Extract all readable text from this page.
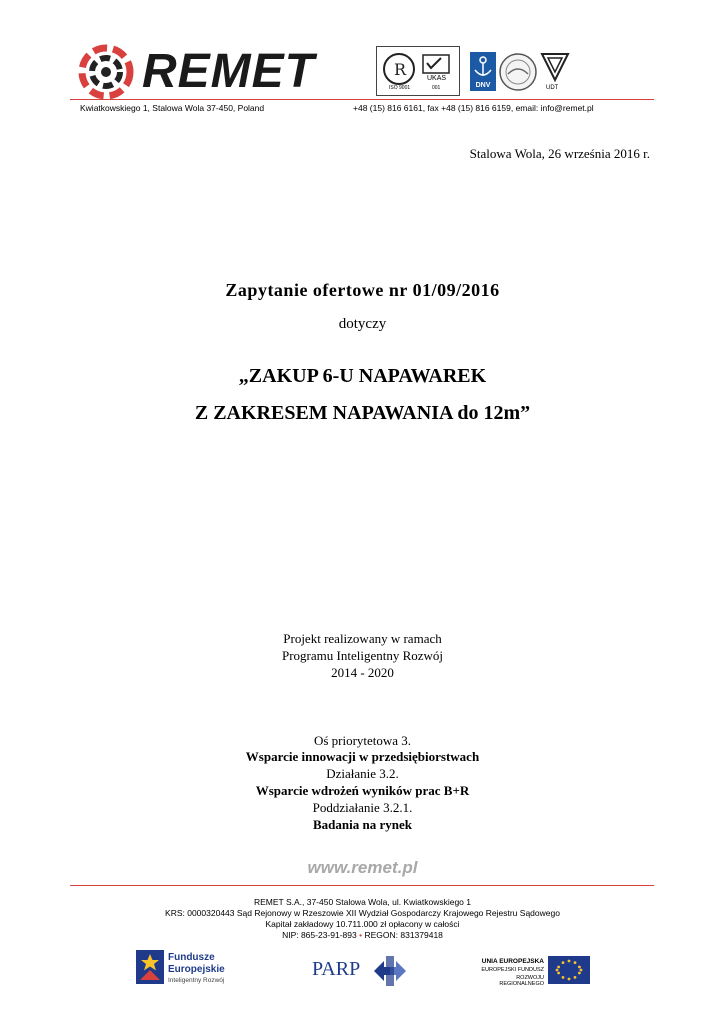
REMET	R	UKAS
ISO 9001	001	DNV	UDT
Kwiatkowskiego 1, Stalowa Wola 37-450, Poland	+48 (15) 816 6161, fax +48 (15) 816 6159, email: info@remet.pl
Stalowa Wola, 26 września 2016 r.
Zapytanie ofertowe nr 01/09/2016
dotyczy
„ZAKUP 6-U NAPAWAREK
Z ZAKRESEM NAPAWANIA do 12m”
Projekt realizowany w ramach
Programu Inteligentny Rozwój
2014 - 2020
Oś priorytetowa 3.
Wsparcie innowacji w przedsiębiorstwach
Działanie 3.2.
Wsparcie wdrożeń wyników prac B+R
Poddziałanie 3.2.1.
Badania na rynek
www.remet.pl
REMET S.A., 37-450 Stalowa Wola, ul. Kwiatkowskiego 1
KRS: 0000320443 Sąd Rejonowy w Rzeszowie XII Wydział Gospodarczy Krajowego Rejestru Sądowego
Kapitał zakładowy 10.711.000 zł opłacony w całości
NIP: 865-23-91-893 • REGON: 831379418
Fundusze
Europejskie
Inteligentny Rozwój
PARP	UNIA EUROPEJSKA
EUROPEJSKI FUNDUSZ
ROZWOJU REGIONALNEGO
